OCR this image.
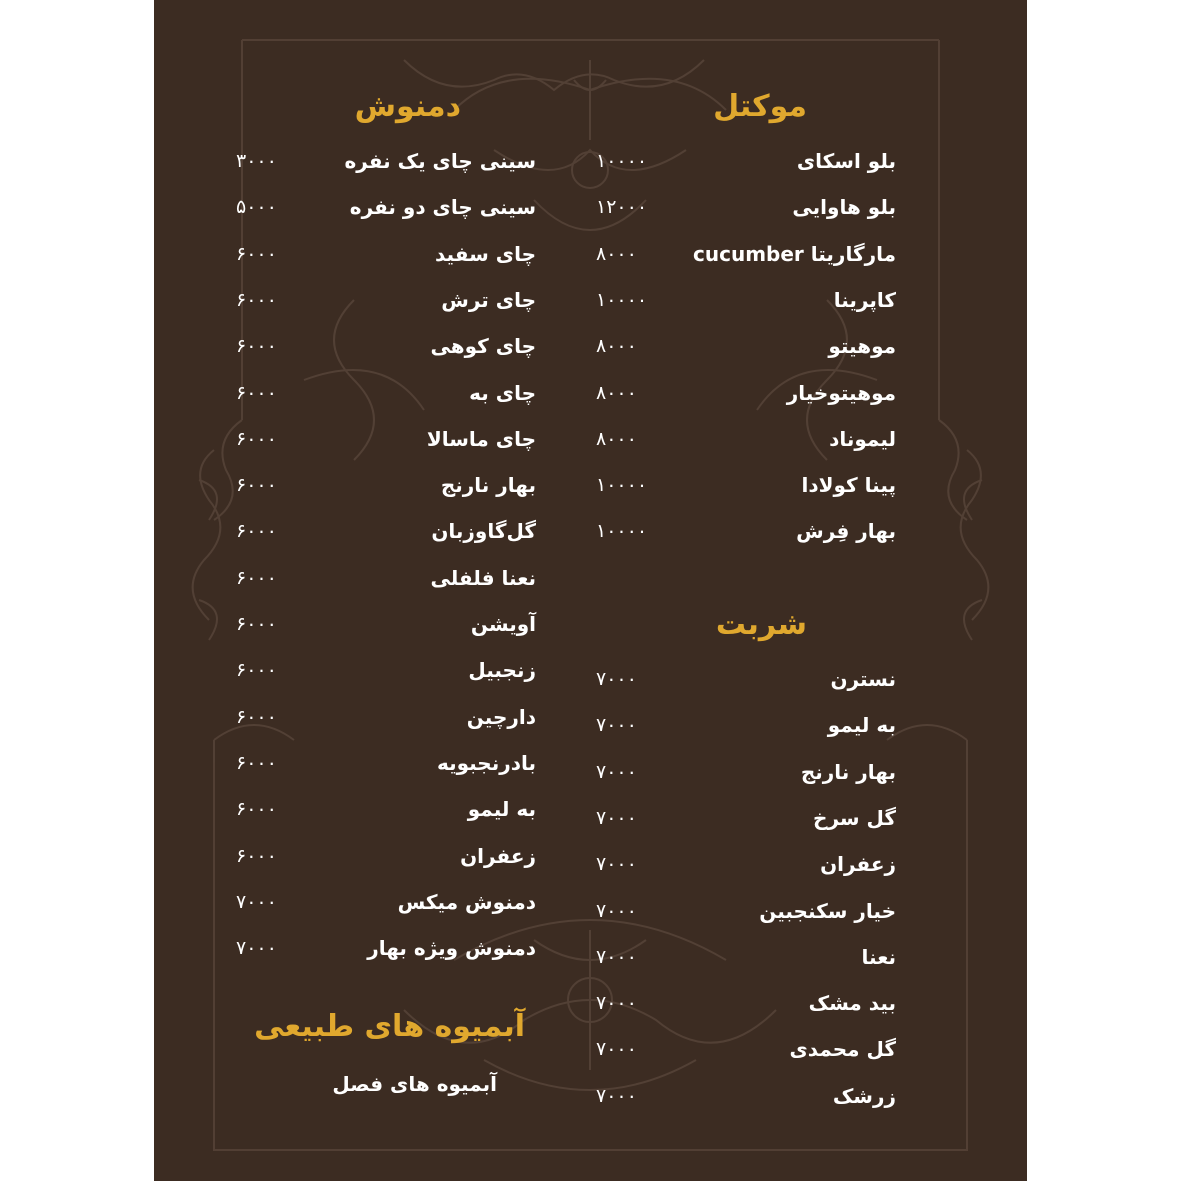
موکتل
بلو اسکای
۱۰۰۰۰
بلو هاوایی
۱۲۰۰۰
مارگاریتا cucumber
۸۰۰۰
کاپرینا
۱۰۰۰۰
موهیتو
۸۰۰۰
موهیتوخیار
۸۰۰۰
لیموناد
۸۰۰۰
پینا کولادا
۱۰۰۰۰
بهار فِرش
۱۰۰۰۰
شربت
نسترن
۷۰۰۰
به لیمو
۷۰۰۰
بهار نارنج
۷۰۰۰
گل سرخ
۷۰۰۰
زعفران
۷۰۰۰
خیار سکنجبین
۷۰۰۰
نعنا
۷۰۰۰
بید مشک
۷۰۰۰
گل محمدی
۷۰۰۰
زرشک
۷۰۰۰
دمنوش
سینی چای یک نفره
۳۰۰۰
سینی چای دو نفره
۵۰۰۰
چای سفید
۶۰۰۰
چای ترش
۶۰۰۰
چای کوهی
۶۰۰۰
چای به
۶۰۰۰
چای ماسالا
۶۰۰۰
بهار نارنج
۶۰۰۰
گل‌گاوزبان
۶۰۰۰
نعنا فلفلی
۶۰۰۰
آویشن
۶۰۰۰
زنجبیل
۶۰۰۰
دارچین
۶۰۰۰
بادرنجبویه
۶۰۰۰
به لیمو
۶۰۰۰
زعفران
۶۰۰۰
دمنوش میکس
۷۰۰۰
دمنوش ویژه بهار
۷۰۰۰
آبمیوه های طبیعی
آبمیوه های فصل
